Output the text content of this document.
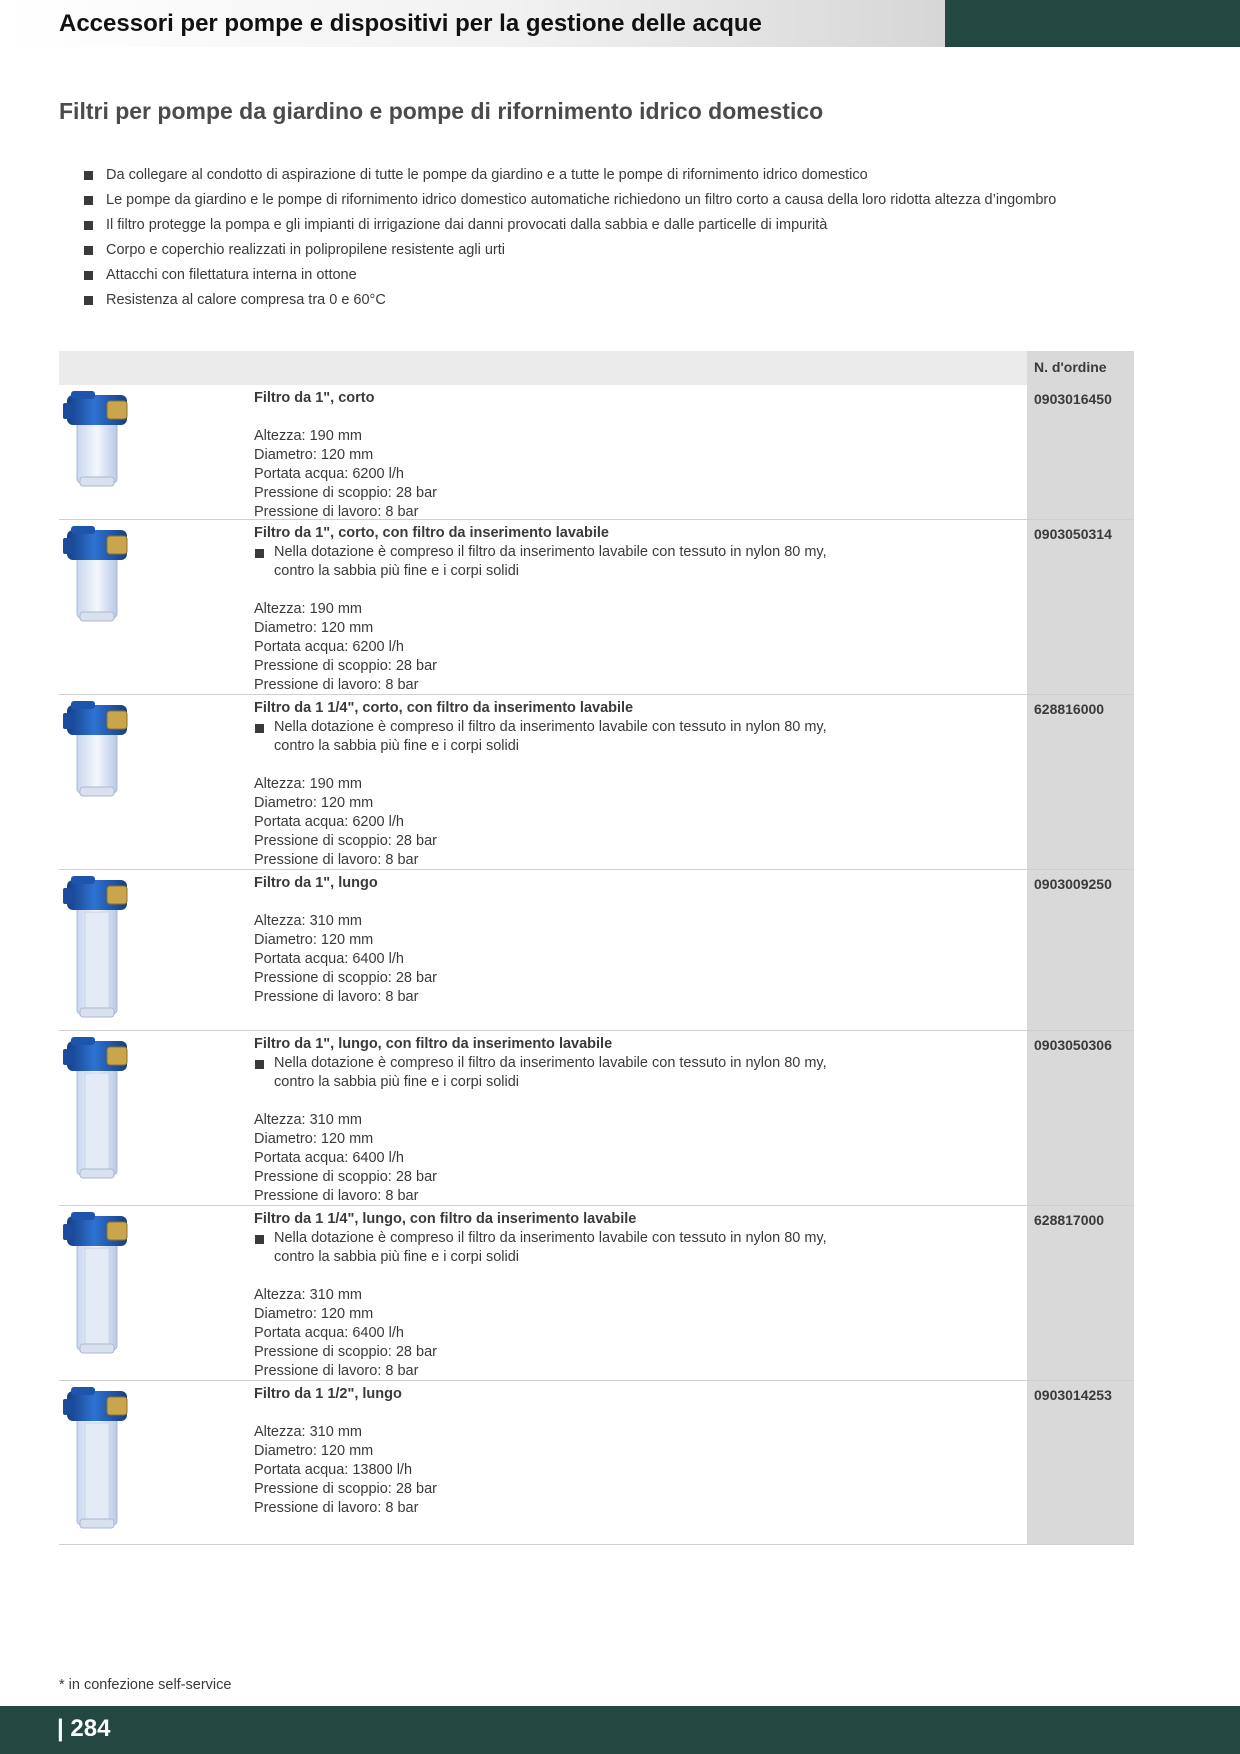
Accessori per pompe e dispositivi per la gestione delle acque
Filtri per pompe da giardino e pompe di rifornimento idrico domestico
Da collegare al condotto di aspirazione di tutte le pompe da giardino e a tutte le pompe di rifornimento idrico domestico
Le pompe da giardino e le pompe di rifornimento idrico domestico automatiche richiedono un filtro corto a causa della loro ridotta altezza d’ingombro
Il filtro protegge la pompa e gli impianti di irrigazione dai danni provocati dalla sabbia e dalle particelle di impurità
Corpo e coperchio realizzati in polipropilene resistente agli urti
Attacchi con filettatura interna in ottone
Resistenza al calore compresa tra 0 e 60°C
N. d'ordine
Filtro da 1", corto
Altezza: 190 mm
Diametro: 120 mm
Portata acqua: 6200 l/h
Pressione di scoppio: 28 bar
Pressione di lavoro: 8 bar
0903016450
Filtro da 1", corto, con filtro da inserimento lavabile
Nella dotazione è compreso il filtro da inserimento lavabile con tessuto in nylon 80 my,
contro la sabbia più fine e i corpi solidi
Altezza: 190 mm
Diametro: 120 mm
Portata acqua: 6200 l/h
Pressione di scoppio: 28 bar
Pressione di lavoro: 8 bar
0903050314
Filtro da 1 1/4", corto, con filtro da inserimento lavabile
Nella dotazione è compreso il filtro da inserimento lavabile con tessuto in nylon 80 my,
contro la sabbia più fine e i corpi solidi
Altezza: 190 mm
Diametro: 120 mm
Portata acqua: 6200 l/h
Pressione di scoppio: 28 bar
Pressione di lavoro: 8 bar
628816000
Filtro da 1", lungo
Altezza: 310 mm
Diametro: 120 mm
Portata acqua: 6400 l/h
Pressione di scoppio: 28 bar
Pressione di lavoro: 8 bar
0903009250
Filtro da 1", lungo, con filtro da inserimento lavabile
Nella dotazione è compreso il filtro da inserimento lavabile con tessuto in nylon 80 my,
contro la sabbia più fine e i corpi solidi
Altezza: 310 mm
Diametro: 120 mm
Portata acqua: 6400 l/h
Pressione di scoppio: 28 bar
Pressione di lavoro: 8 bar
0903050306
Filtro da 1 1/4", lungo, con filtro da inserimento lavabile
Nella dotazione è compreso il filtro da inserimento lavabile con tessuto in nylon 80 my,
contro la sabbia più fine e i corpi solidi
Altezza: 310 mm
Diametro: 120 mm
Portata acqua: 6400 l/h
Pressione di scoppio: 28 bar
Pressione di lavoro: 8 bar
628817000
Filtro da 1 1/2", lungo
Altezza: 310 mm
Diametro: 120 mm
Portata acqua: 13800 l/h
Pressione di scoppio: 28 bar
Pressione di lavoro: 8 bar
0903014253
* in confezione self-service
| 284
